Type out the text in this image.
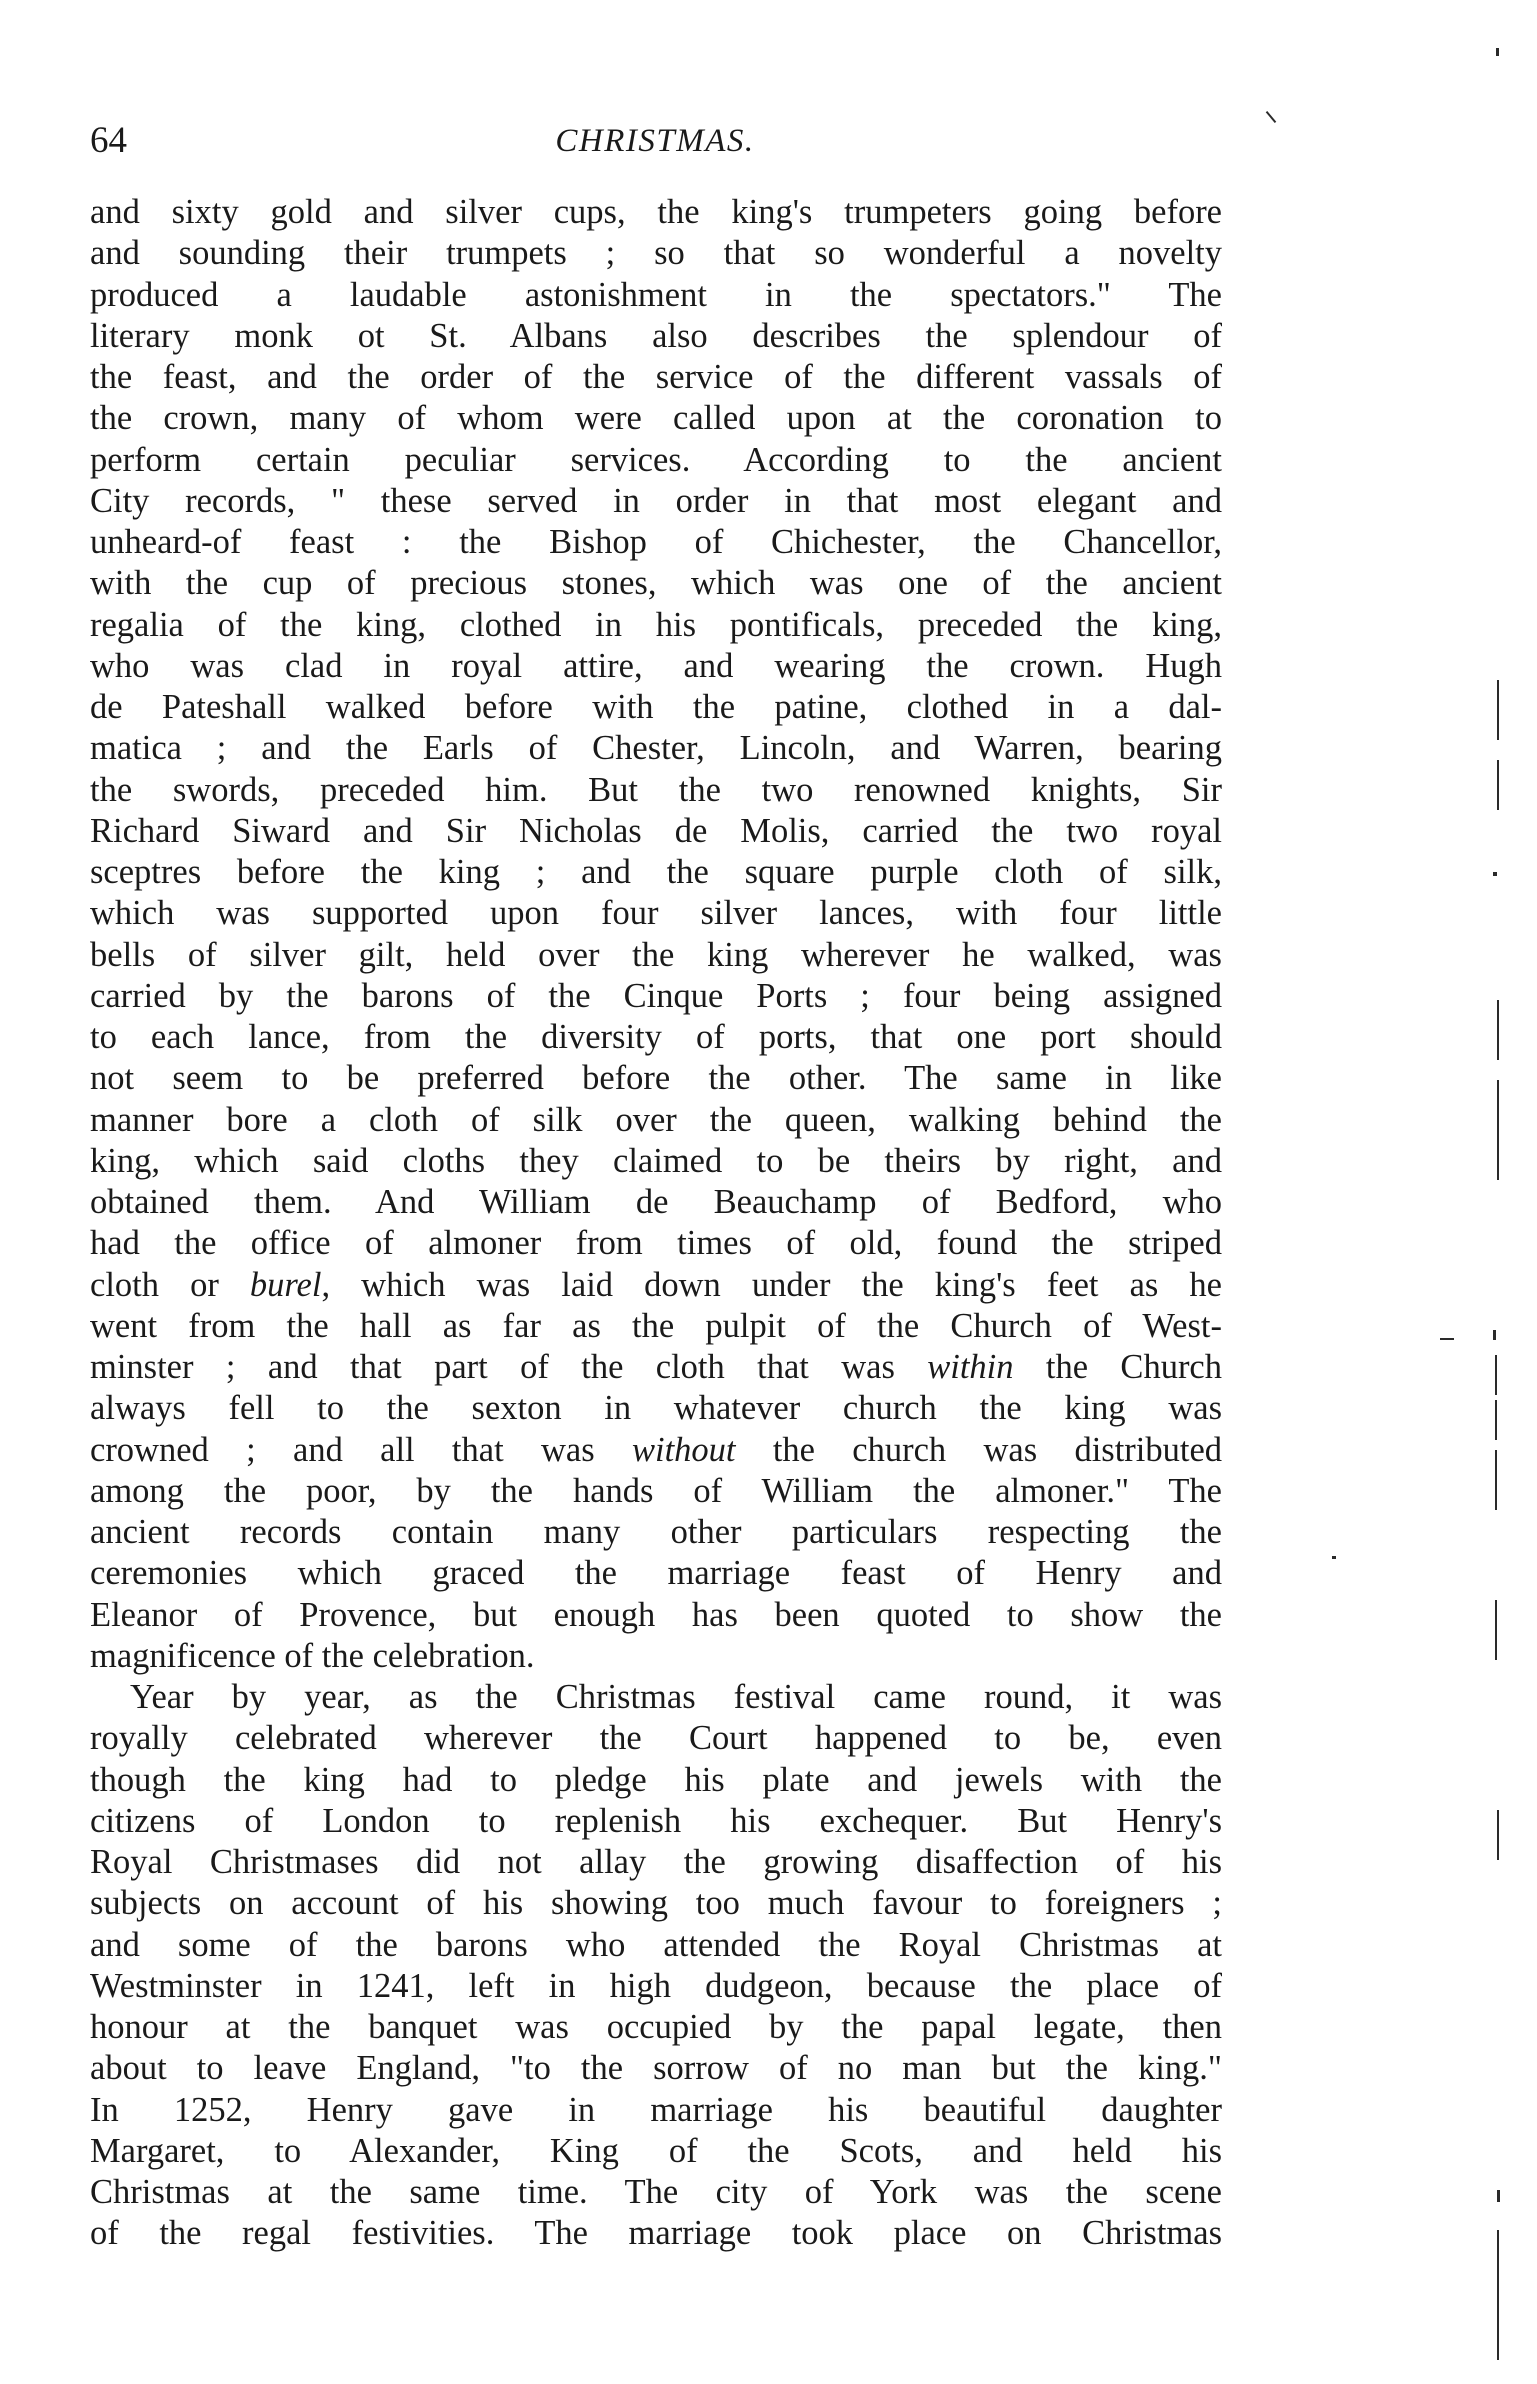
64	CHRISTMAS.
and sixty gold and silver cups, the king's trumpeters going before
and sounding their trumpets ; so that so wonderful a novelty
produced a laudable astonishment in the spectators." The
literary monk ot St. Albans also describes the splendour of
the feast, and the order of the service of the different vassals of
the crown, many of whom were called upon at the coronation to
perform certain peculiar services. According to the ancient
City records, " these served in order in that most elegant and
unheard-of feast : the Bishop of Chichester, the Chancellor,
with the cup of precious stones, which was one of the ancient
regalia of the king, clothed in his pontificals, preceded the king,
who was clad in royal attire, and wearing the crown. Hugh
de Pateshall walked before with the patine, clothed in a dal-
matica ; and the Earls of Chester, Lincoln, and Warren, bearing
the swords, preceded him. But the two renowned knights, Sir
Richard Siward and Sir Nicholas de Molis, carried the two royal
sceptres before the king ; and the square purple cloth of silk,
which was supported upon four silver lances, with four little
bells of silver gilt, held over the king wherever he walked, was
carried by the barons of the Cinque Ports ; four being assigned
to each lance, from the diversity of ports, that one port should
not seem to be preferred before the other. The same in like
manner bore a cloth of silk over the queen, walking behind the
king, which said cloths they claimed to be theirs by right, and
obtained them. And William de Beauchamp of Bedford, who
had the office of almoner from times of old, found the striped
cloth or burel, which was laid down under the king's feet as he
went from the hall as far as the pulpit of the Church of West-
minster ; and that part of the cloth that was within the Church
always fell to the sexton in whatever church the king was
crowned ; and all that was without the church was distributed
among the poor, by the hands of William the almoner." The
ancient records contain many other particulars respecting the
ceremonies which graced the marriage feast of Henry and
Eleanor of Provence, but enough has been quoted to show the
magnificence of the celebration.
Year by year, as the Christmas festival came round, it was
royally celebrated wherever the Court happened to be, even
though the king had to pledge his plate and jewels with the
citizens of London to replenish his exchequer. But Henry's
Royal Christmases did not allay the growing disaffection of his
subjects on account of his showing too much favour to foreigners ;
and some of the barons who attended the Royal Christmas at
Westminster in 1241, left in high dudgeon, because the place of
honour at the banquet was occupied by the papal legate, then
about to leave England, "to the sorrow of no man but the king."
In 1252, Henry gave in marriage his beautiful daughter
Margaret, to Alexander, King of the Scots, and held his
Christmas at the same time. The city of York was the scene
of the regal festivities. The marriage took place on Christmas
